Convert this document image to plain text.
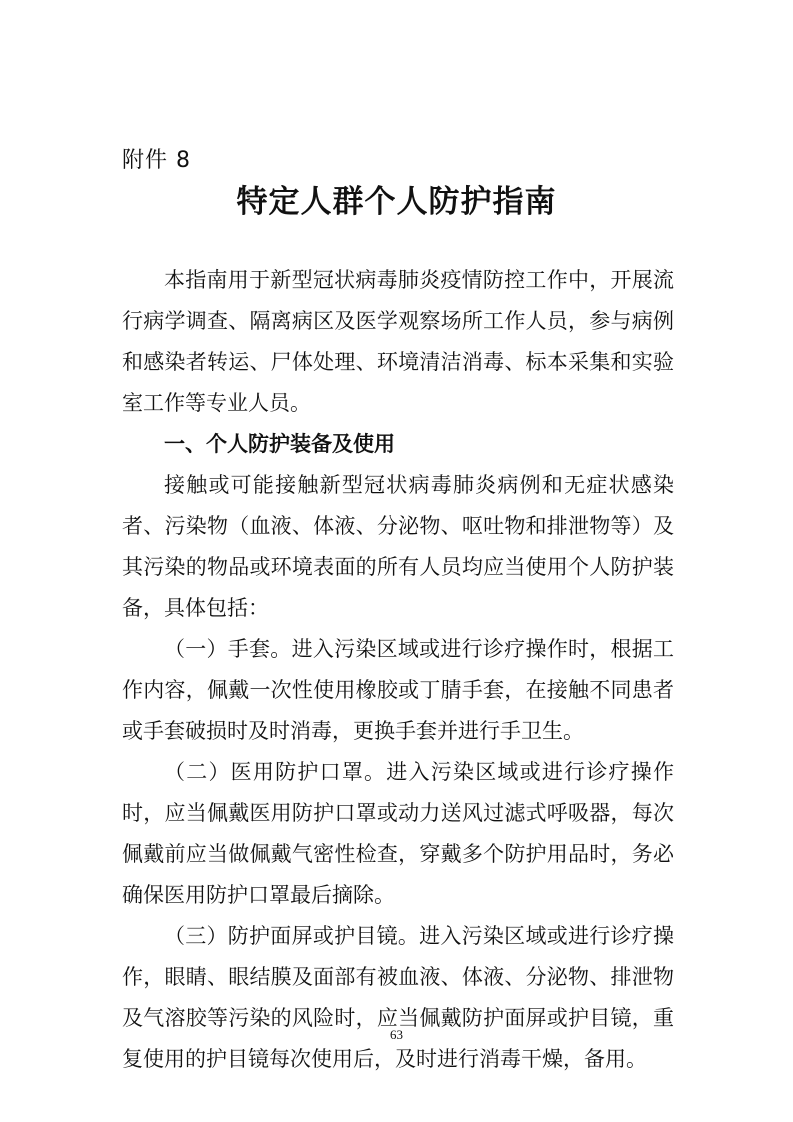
附件 8
特定人群个人防护指南

本指南用于新型冠状病毒肺炎疫情防控工作中，开展流行病学调查、隔离病区及医学观察场所工作人员，参与病例和感染者转运、尸体处理、环境清洁消毒、标本采集和实验室工作等专业人员。

一、个人防护装备及使用

接触或可能接触新型冠状病毒肺炎病例和无症状感染者、污染物（血液、体液、分泌物、呕吐物和排泄物等）及其污染的物品或环境表面的所有人员均应当使用个人防护装备，具体包括：

（一）手套。进入污染区域或进行诊疗操作时，根据工作内容，佩戴一次性使用橡胶或丁腈手套，在接触不同患者或手套破损时及时消毒，更换手套并进行手卫生。

（二）医用防护口罩。进入污染区域或进行诊疗操作时，应当佩戴医用防护口罩或动力送风过滤式呼吸器，每次佩戴前应当做佩戴气密性检查，穿戴多个防护用品时，务必确保医用防护口罩最后摘除。

（三）防护面屏或护目镜。进入污染区域或进行诊疗操作，眼睛、眼结膜及面部有被血液、体液、分泌物、排泄物及气溶胶等污染的风险时，应当佩戴防护面屏或护目镜，重复使用的护目镜每次使用后，及时进行消毒干燥，备用。

63
